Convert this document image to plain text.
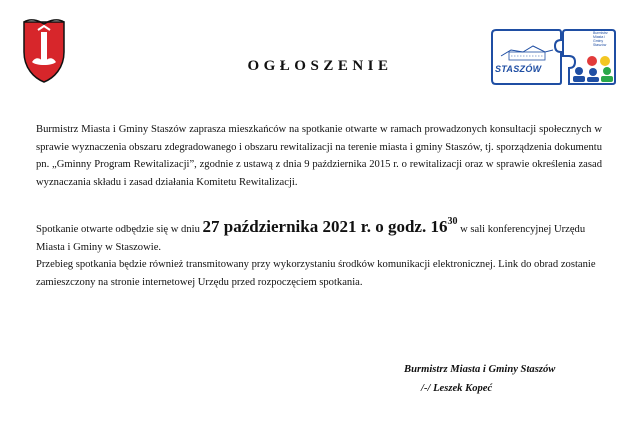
STASZÓW
Burmistrz Miasta i Gminy Staszów
OGŁOSZENIE
Burmistrz Miasta i Gminy Staszów zaprasza mieszkańców na spotkanie otwarte w ramach prowadzonych konsultacji społecznych w sprawie wyznaczenia obszaru zdegradowanego i obszaru rewitalizacji na terenie miasta i gminy Staszów, tj. sporządzenia dokumentu pn. „Gminny Program Rewitalizacji”, zgodnie z ustawą z dnia 9 października 2015 r. o rewitalizacji oraz w sprawie określenia zasad wyznaczania składu i zasad działania Komitetu Rewitalizacji.
Spotkanie otwarte odbędzie się w dniu 27 października 2021 r. o godz. $16^{30}$ w sali konferencyjnej Urzędu Miasta i Gminy w Staszowie.
Przebieg spotkania będzie również transmitowany przy wykorzystaniu środków komunikacji elektronicznej. Link do obrad zostanie zamieszczony na stronie internetowej Urzędu przed rozpoczęciem spotkania.
Burmistrz Miasta i Gminy Staszów
/-/ Leszek Kopeć
